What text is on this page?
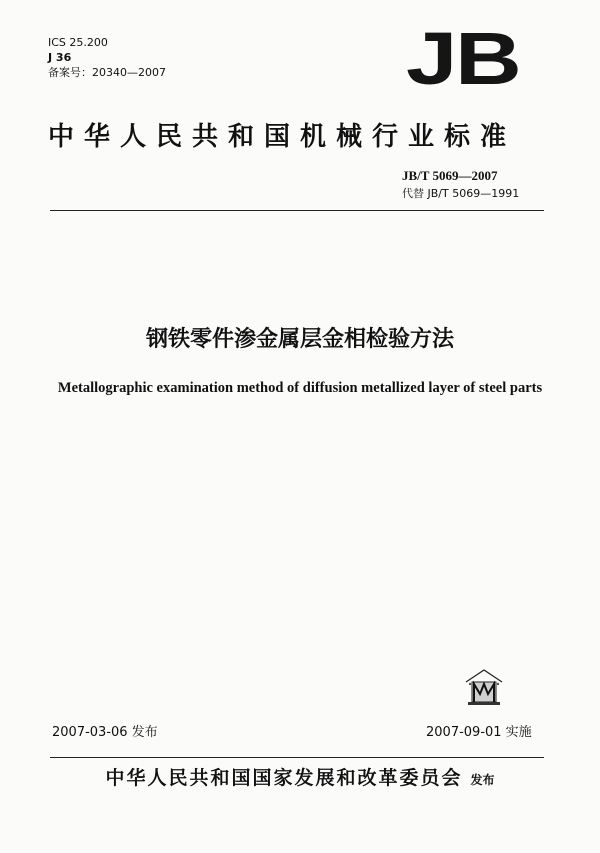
ICS 25.200
J 36
备案号：20340—2007	JB
中华人民共和国机械行业标准
JB/T 5069—2007
代替 JB/T 5069—1991
钢铁零件渗金属层金相检验方法
Metallographic examination method of diffusion metallized layer of steel parts
2007-03-06 发布	2007-09-01 实施
中华人民共和国国家发展和改革委员会 发布
